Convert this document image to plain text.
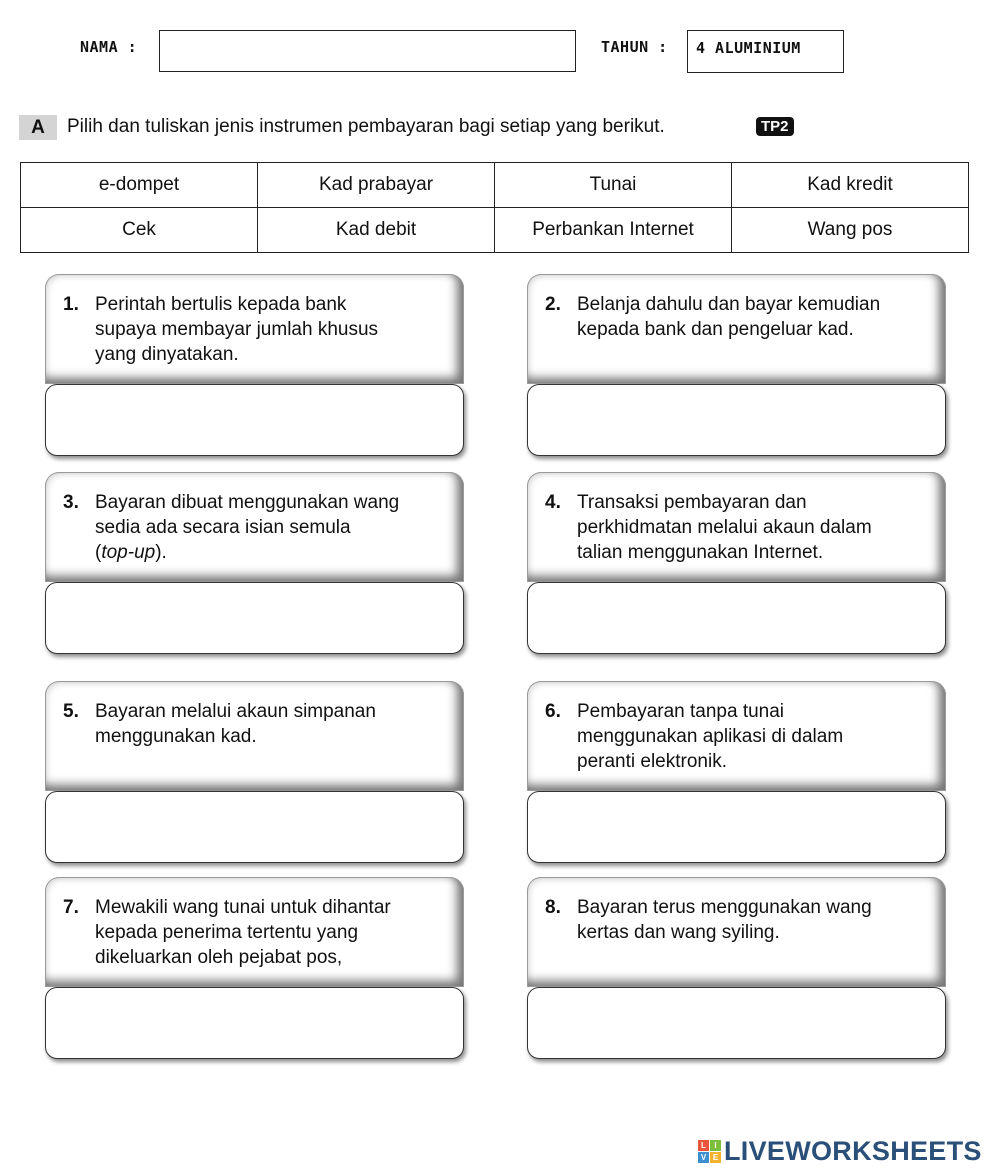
NAMA :	TAHUN :	4 ALUMINIUM
A	Pilih dan tuliskan jenis instrumen pembayaran bagi setiap yang berikut.	TP2
e-dompet	Kad prabayar	Tunai	Kad kredit
Cek	Kad debit	Perbankan Internet	Wang pos
1. Perintah bertulis kepada bank
supaya membayar jumlah khusus
yang dinyatakan.
2. Belanja dahulu dan bayar kemudian
kepada bank dan pengeluar kad.
3. Bayaran dibuat menggunakan wang
sedia ada secara isian semula
(top-up).
4. Transaksi pembayaran dan
perkhidmatan melalui akaun dalam
talian menggunakan Internet.
5. Bayaran melalui akaun simpanan
menggunakan kad.
6. Pembayaran tanpa tunai
menggunakan aplikasi di dalam
peranti elektronik.
7. Mewakili wang tunai untuk dihantar
kepada penerima tertentu yang
dikeluarkan oleh pejabat pos,
8. Bayaran terus menggunakan wang
kertas dan wang syiling.
L	I
V E LIVEWORKSHEETS
